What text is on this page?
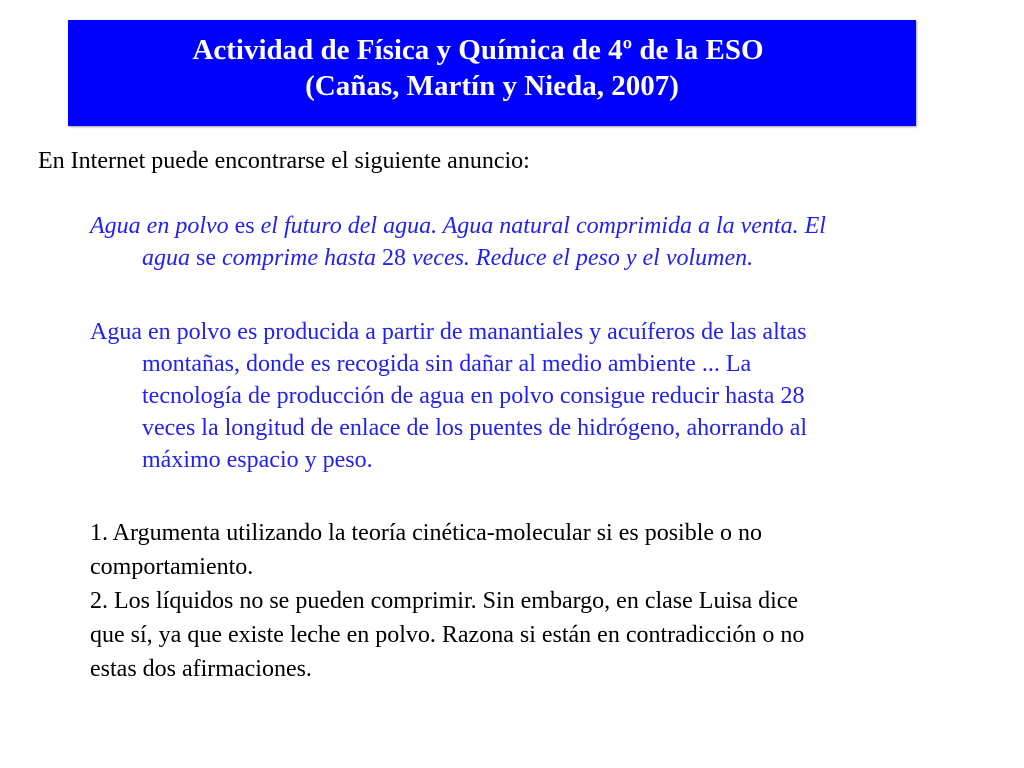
Actividad de Física y Química de 4º de la ESO
(Cañas, Martín y Nieda, 2007)
En Internet puede encontrarse el siguiente anuncio:
Agua en polvo es el futuro del agua. Agua natural comprimida a la venta. El
agua se comprime hasta 28 veces. Reduce el peso y el volumen.
Agua en polvo es producida a partir de manantiales y acuíferos de las altas
montañas, donde es recogida sin dañar al medio ambiente ... La
tecnología de producción de agua en polvo consigue reducir hasta 28
veces la longitud de enlace de los puentes de hidrógeno, ahorrando al
máximo espacio y peso.
1. Argumenta utilizando la teoría cinética-molecular si es posible o no
comportamiento.
2. Los líquidos no se pueden comprimir. Sin embargo, en clase Luisa dice
que sí, ya que existe leche en polvo. Razona si están en contradicción o no
estas dos afirmaciones.
